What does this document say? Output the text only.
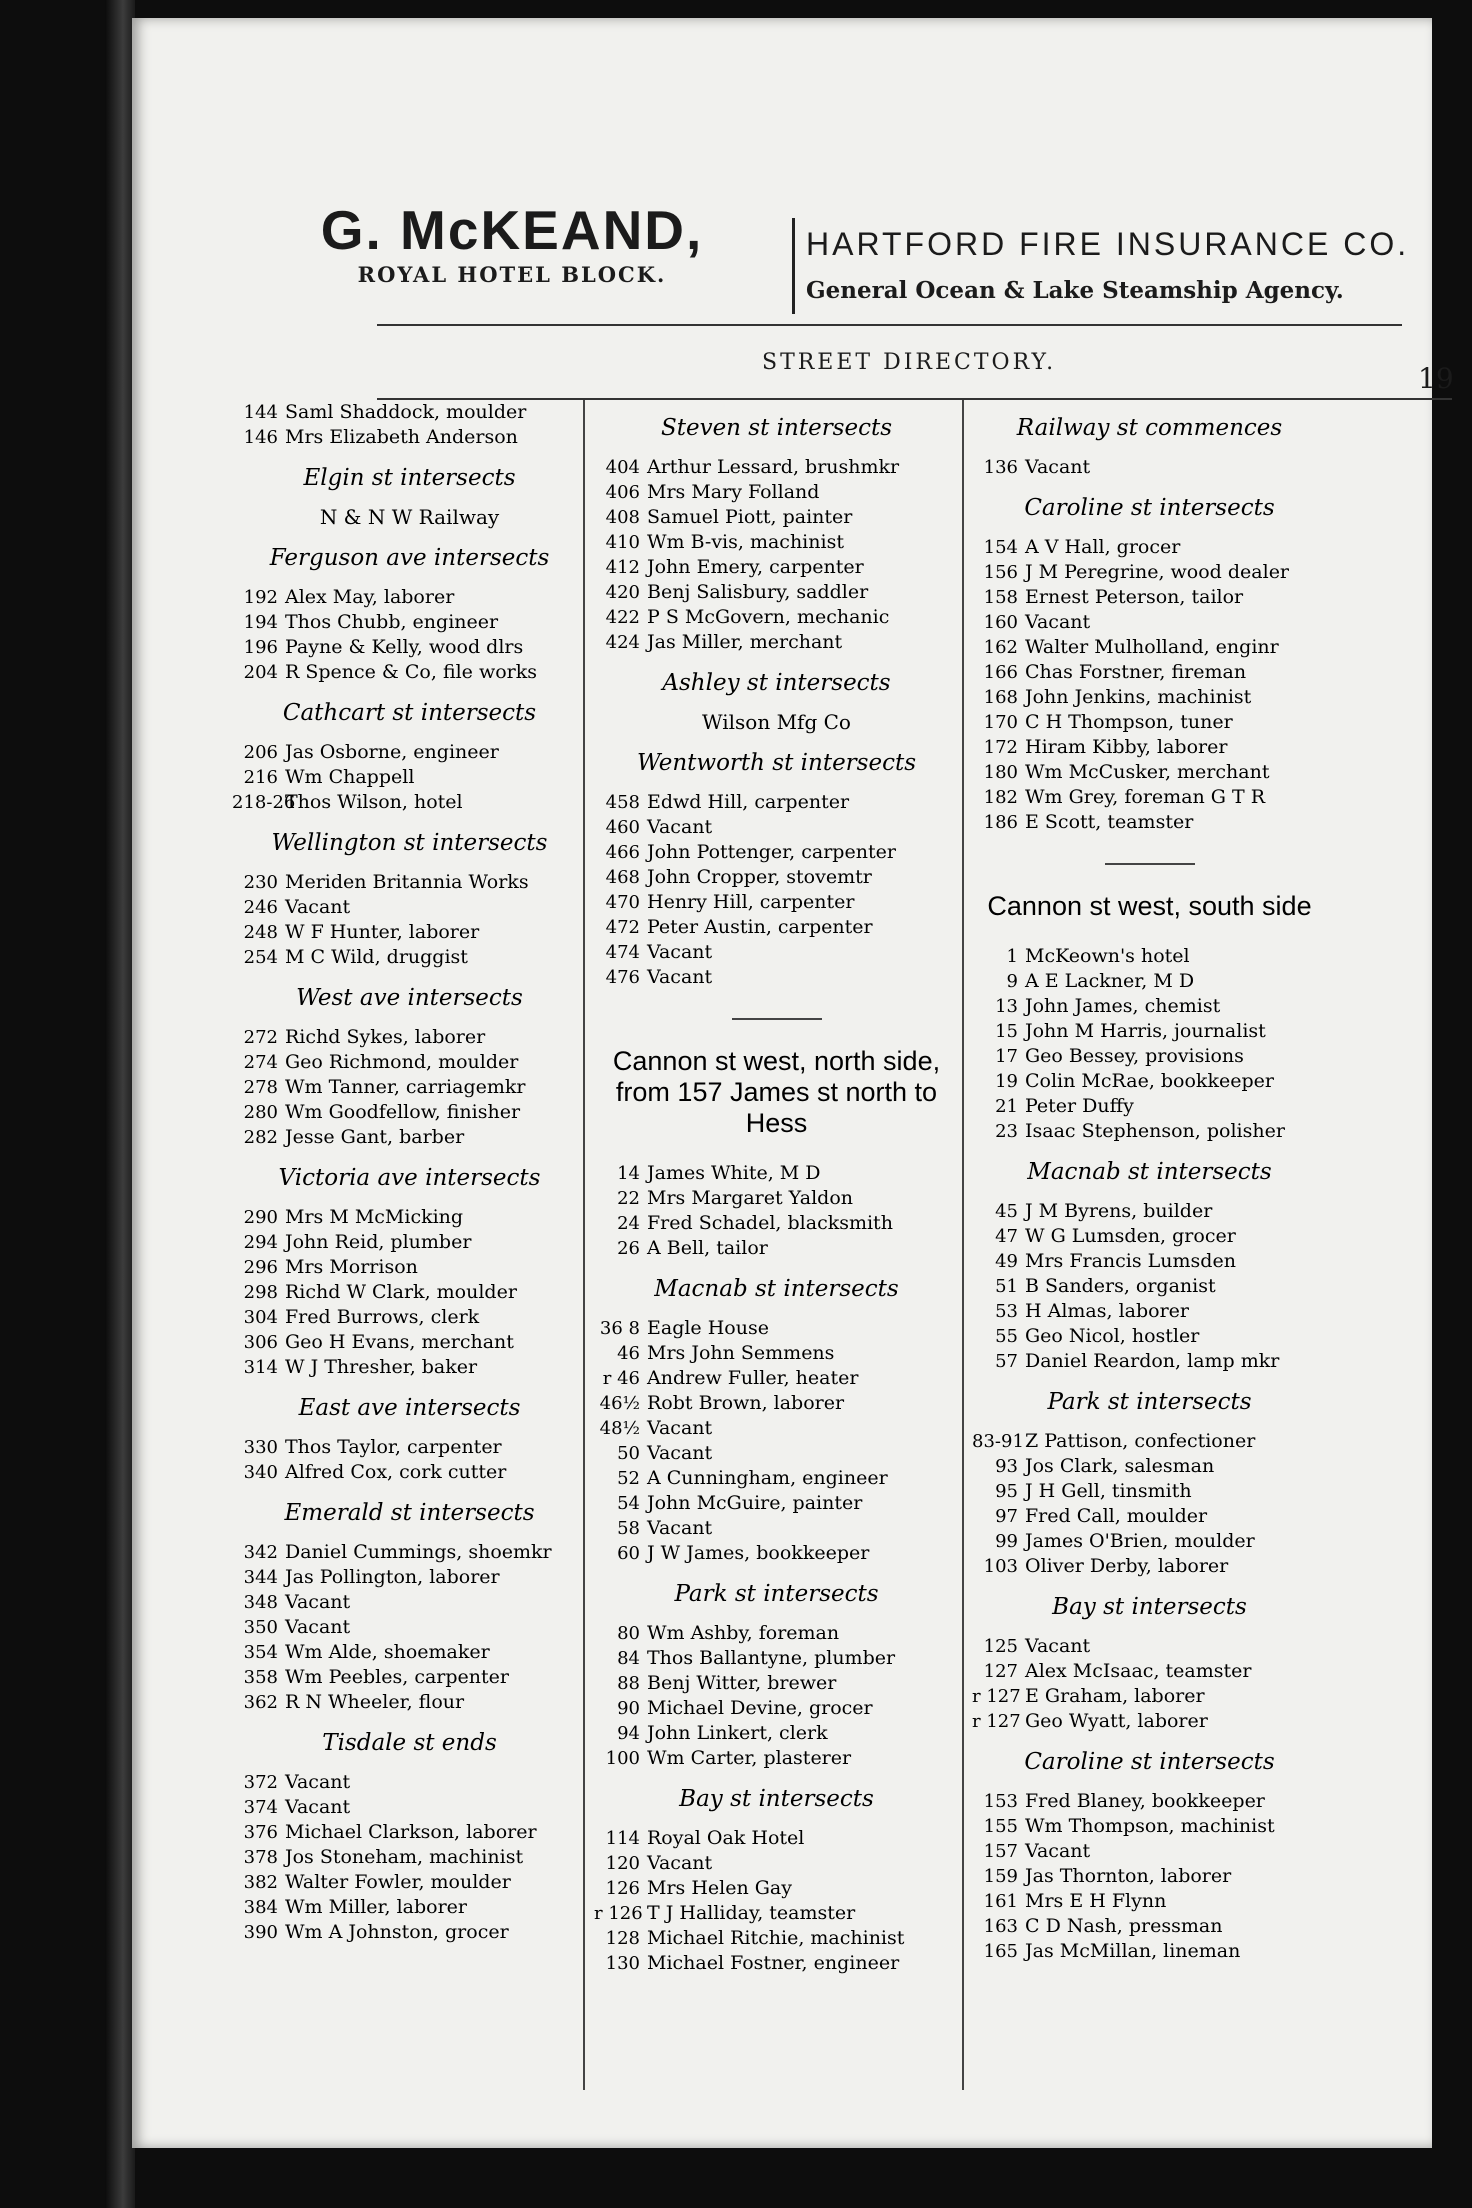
G. McKEAND,
ROYAL HOTEL BLOCK.
HARTFORD FIRE INSURANCE CO.
General Ocean & Lake Steamship Agency.
STREET DIRECTORY.	19
144 Saml Shaddock, moulder
146 Mrs Elizabeth Anderson
Elgin st intersects
N & N W Railway
Ferguson ave intersects
192 Alex May, laborer
194 Thos Chubb, engineer
196 Payne & Kelly, wood dlrs
204 R Spence & Co, file works
Cathcart st intersects
206 Jas Osborne, engineer
216 Wm Chappell
218-26Thos Wilson, hotel
Wellington st intersects
230 Meriden Britannia Works
246 Vacant
248 W F Hunter, laborer
254 M C Wild, druggist
West ave intersects
272 Richd Sykes, laborer
274 Geo Richmond, moulder
278 Wm Tanner, carriagemkr
280 Wm Goodfellow, finisher
282 Jesse Gant, barber
Victoria ave intersects
290 Mrs M McMicking
294 John Reid, plumber
296 Mrs Morrison
298 Richd W Clark, moulder
304 Fred Burrows, clerk
306 Geo H Evans, merchant
314 W J Thresher, baker
East ave intersects
330 Thos Taylor, carpenter
340 Alfred Cox, cork cutter
Emerald st intersects
342 Daniel Cummings, shoemkr
344 Jas Pollington, laborer
348 Vacant
350 Vacant
354 Wm Alde, shoemaker
358 Wm Peebles, carpenter
362 R N Wheeler, flour
Tisdale st ends
372 Vacant
374 Vacant
376 Michael Clarkson, laborer
378 Jos Stoneham, machinist
382 Walter Fowler, moulder
384 Wm Miller, laborer
390 Wm A Johnston, grocer
Steven st intersects
404 Arthur Lessard, brushmkr
406 Mrs Mary Folland
408 Samuel Piott, painter
410 Wm B-vis, machinist
412 John Emery, carpenter
420 Benj Salisbury, saddler
422 P S McGovern, mechanic
424 Jas Miller, merchant
Ashley st intersects
Wilson Mfg Co
Wentworth st intersects
458 Edwd Hill, carpenter
460 Vacant
466 John Pottenger, carpenter
468 John Cropper, stovemtr
470 Henry Hill, carpenter
472 Peter Austin, carpenter
474 Vacant
476 Vacant
Cannon st west, north side, from 157 James st north to Hess
14 James White, M D
22 Mrs Margaret Yaldon
24 Fred Schadel, blacksmith
26 A Bell, tailor
Macnab st intersects
36 8 Eagle House
46 Mrs John Semmens
r 46 Andrew Fuller, heater
46½ Robt Brown, laborer
48½ Vacant
50 Vacant
52 A Cunningham, engineer
54 John McGuire, painter
58 Vacant
60 J W James, bookkeeper
Park st intersects
80 Wm Ashby, foreman
84 Thos Ballantyne, plumber
88 Benj Witter, brewer
90 Michael Devine, grocer
94 John Linkert, clerk
100 Wm Carter, plasterer
Bay st intersects
114 Royal Oak Hotel
120 Vacant
126 Mrs Helen Gay
r 126 T J Halliday, teamster
128 Michael Ritchie, machinist
130 Michael Fostner, engineer
Railway st commences
136 Vacant
Caroline st intersects
154 A V Hall, grocer
156 J M Peregrine, wood dealer
158 Ernest Peterson, tailor
160 Vacant
162 Walter Mulholland, enginr
166 Chas Forstner, fireman
168 John Jenkins, machinist
170 C H Thompson, tuner
172 Hiram Kibby, laborer
180 Wm McCusker, merchant
182 Wm Grey, foreman G T R
186 E Scott, teamster
Cannon st west, south side
1 McKeown's hotel
9 A E Lackner, M D
13 John James, chemist
15 John M Harris, journalist
17 Geo Bessey, provisions
19 Colin McRae, bookkeeper
21 Peter Duffy
23 Isaac Stephenson, polisher
Macnab st intersects
45 J M Byrens, builder
47 W G Lumsden, grocer
49 Mrs Francis Lumsden
51 B Sanders, organist
53 H Almas, laborer
55 Geo Nicol, hostler
57 Daniel Reardon, lamp mkr
Park st intersects
83-91Z Pattison, confectioner
93 Jos Clark, salesman
95 J H Gell, tinsmith
97 Fred Call, moulder
99 James O'Brien, moulder
103 Oliver Derby, laborer
Bay st intersects
125 Vacant
127 Alex McIsaac, teamster
r 127 E Graham, laborer
r 127 Geo Wyatt, laborer
Caroline st intersects
153 Fred Blaney, bookkeeper
155 Wm Thompson, machinist
157 Vacant
159 Jas Thornton, laborer
161 Mrs E H Flynn
163 C D Nash, pressman
165 Jas McMillan, lineman
